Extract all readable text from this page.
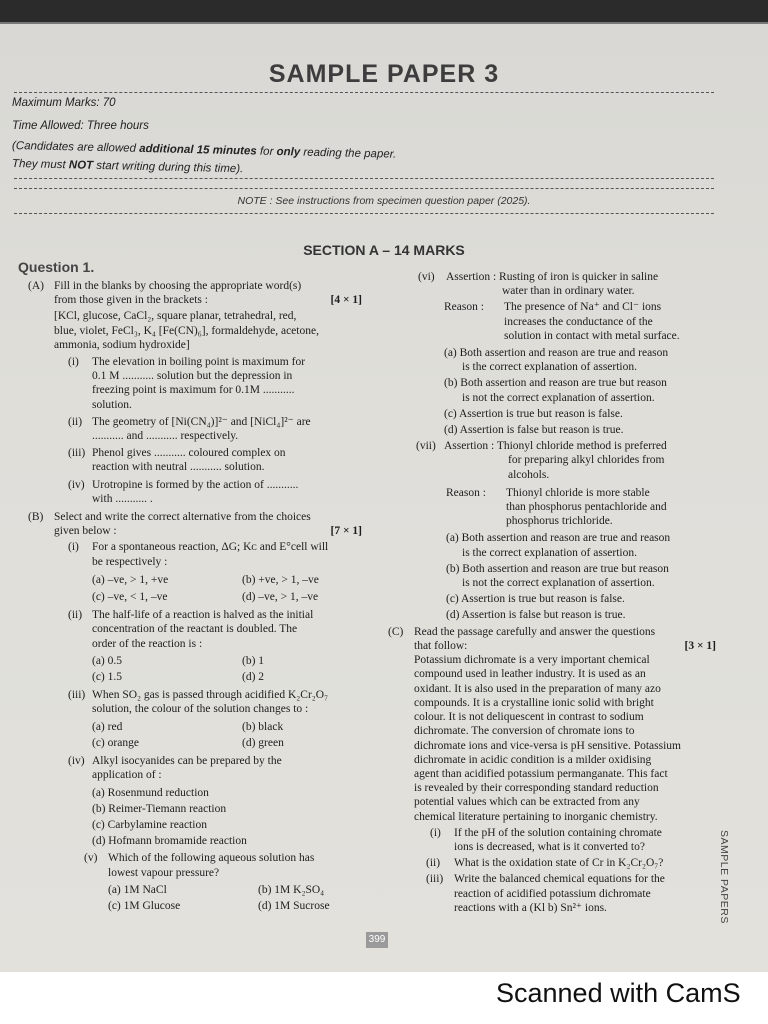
SAMPLE PAPER 3
Maximum Marks: 70
Time Allowed: Three hours
(Candidates are allowed additional 15 minutes for only reading the paper.
They must NOT start writing during this time).
NOTE : See instructions from specimen question paper (2025).
SECTION A – 14 MARKS
Question 1.
(A) Fill in the blanks by choosing the appropriate word(s)

from those given in the brackets :	[4 × 1]

[KCl, glucose, CaCl₂, square planar, tetrahedral, red,

blue, violet, FeCl₃, K₄ [Fe(CN)₆], formaldehyde, acetone,

ammonia, sodium hydroxide]

(i)	The elevation in boiling point is maximum for

0.1 M ........... solution but the depression in

freezing point is maximum for 0.1M ...........

solution.

(ii) The geometry of [Ni(CN₄)]²⁻ and [NiCl₄]²⁻ are

........... and ........... respectively.

(iii) Phenol gives ........... coloured complex on

reaction with neutral ........... solution.

(iv) Urotropine is formed by the action of ...........

with ........... .

(B) Select and write the correct alternative from the choices

given below :	[7 × 1]

(i)	For a spontaneous reaction, ΔG; Kᴄ and E°cell will

be respectively :

(a) –ve, > 1, +ve	(b) +ve, > 1, –ve
(c) –ve, < 1, –ve	(d) –ve, > 1, –ve
(ii) The half-life of a reaction is halved as the initial

concentration of the reactant is doubled. The

order of the reaction is :

(a) 0.5	(b) 1
(c) 1.5	(d) 2
(iii) When SO₂ gas is passed through acidified K₂Cr₂O₇

solution, the colour of the solution changes to :

(a) red	(b) black
(c) orange	(d) green
(iv) Alkyl isocyanides can be prepared by the

application of :

(a) Rosenmund reduction

(b) Reimer-Tiemann reaction

(c) Carbylamine reaction

(d) Hofmann bromamide reaction

(v) Which of the following aqueous solution has

lowest vapour pressure?

(a) 1M NaCl	(b) 1M K₂SO₄
(c) 1M Glucose	(d) 1M Sucrose
(vi) Assertion : Rusting of iron is quicker in saline

water than in ordinary water.

Reason :	The presence of Na⁺ and Cl⁻ ions

increases the conductance of the

solution in contact with metal surface.

(a) Both assertion and reason are true and reason

is the correct explanation of assertion.

(b) Both assertion and reason are true but reason

is not the correct explanation of assertion.

(c) Assertion is true but reason is false.

(d) Assertion is false but reason is true.

(vii) Assertion : Thionyl chloride method is preferred

for preparing alkyl chlorides from

alcohols.

Reason :	Thionyl chloride is more stable

than phosphorus pentachloride and

phosphorus trichloride.

(a) Both assertion and reason are true and reason

is the correct explanation of assertion.

(b) Both assertion and reason are true but reason

is not the correct explanation of assertion.

(c) Assertion is true but reason is false.

(d) Assertion is false but reason is true.

(C) Read the passage carefully and answer the questions

that follow:	[3 × 1]

Potassium dichromate is a very important chemical

compound used in leather industry. It is used as an

oxidant. It is also used in the preparation of many azo

compounds. It is a crystalline ionic solid with bright

colour. It is not deliquescent in contrast to sodium

dichromate. The conversion of chromate ions to

dichromate ions and vice-versa is pH sensitive. Potassium

dichromate in acidic condition is a milder oxidising

agent than acidified potassium permanganate. This fact

is revealed by their corresponding standard reduction

potential values which can be extracted from any

chemical literature pertaining to inorganic chemistry.

(i)	If the pH of the solution containing chromate

ions is decreased, what is it converted to?

(ii)	What is the oxidation state of Cr in K₂Cr₂O₇?

(iii) Write the balanced chemical equations for the

reaction of acidified potassium dichromate

reactions with a (Kl b) Sn²⁺ ions.	SAMPLE PAPERS
399
Scanned with CamS
